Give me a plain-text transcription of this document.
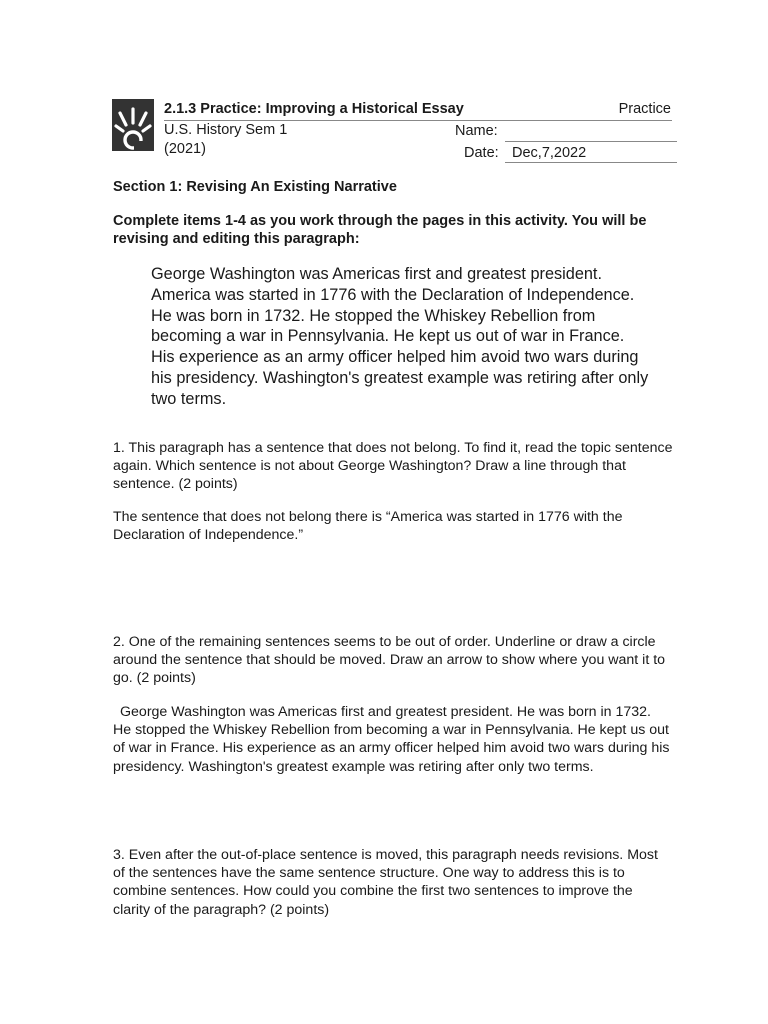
2.1.3 Practice: Improving a Historical Essay	Practice
U.S. History Sem 1
(2021)
Name:
Date: Dec,7,2022
Section 1: Revising An Existing Narrative
Complete items 1-4 as you work through the pages in this activity. You will be revising and editing this paragraph:
George Washington was Americas first and greatest president. America was started in 1776 with the Declaration of Independence. He was born in 1732. He stopped the Whiskey Rebellion from becoming a war in Pennsylvania. He kept us out of war in France. His experience as an army officer helped him avoid two wars during his presidency. Washington's greatest example was retiring after only two terms.
1. This paragraph has a sentence that does not belong. To find it, read the topic sentence again. Which sentence is not about George Washington? Draw a line through that sentence. (2 points)
The sentence that does not belong there is “America was started in 1776 with the Declaration of Independence.”
2. One of the remaining sentences seems to be out of order. Underline or draw a circle around the sentence that should be moved. Draw an arrow to show where you want it to go. (2 points)
George Washington was Americas first and greatest president. He was born in 1732. He stopped the Whiskey Rebellion from becoming a war in Pennsylvania. He kept us out of war in France. His experience as an army officer helped him avoid two wars during his presidency. Washington's greatest example was retiring after only two terms.
3. Even after the out-of-place sentence is moved, this paragraph needs revisions. Most of the sentences have the same sentence structure. One way to address this is to combine sentences. How could you combine the first two sentences to improve the clarity of the paragraph? (2 points)
